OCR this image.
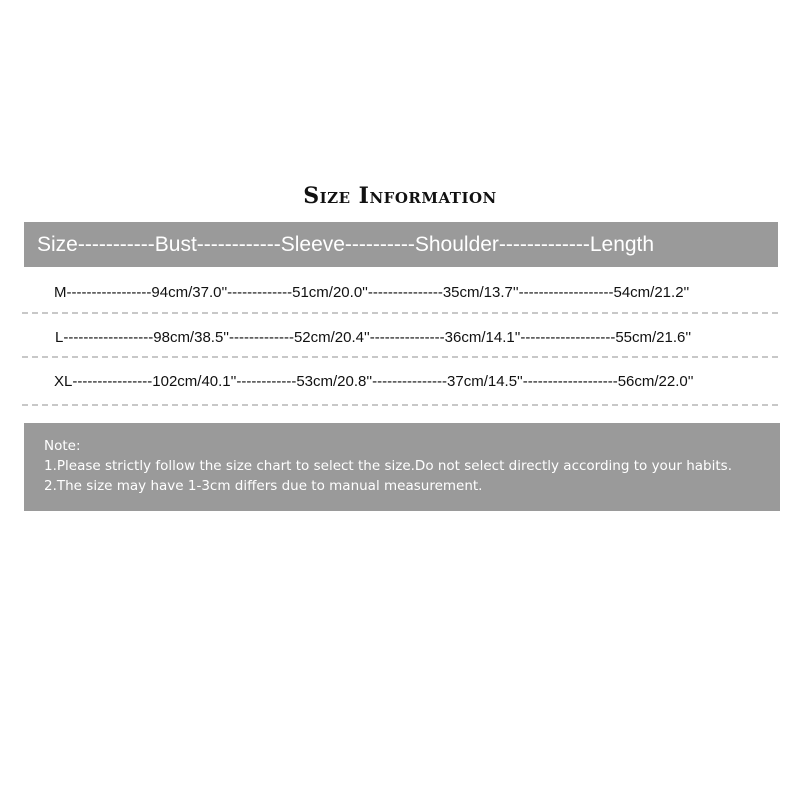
Size Information
Size-----------Bust------------Sleeve----------Shoulder-------------Length
M-----------------94cm/37.0''-------------51cm/20.0''---------------35cm/13.7''-------------------54cm/21.2''
L------------------98cm/38.5''-------------52cm/20.4''---------------36cm/14.1''-------------------55cm/21.6''
XL----------------102cm/40.1''------------53cm/20.8''---------------37cm/14.5''-------------------56cm/22.0''
Note:
1.Please strictly follow the size chart to select the size.Do not select directly according to your habits.
2.The size may have 1-3cm differs due to manual measurement.
